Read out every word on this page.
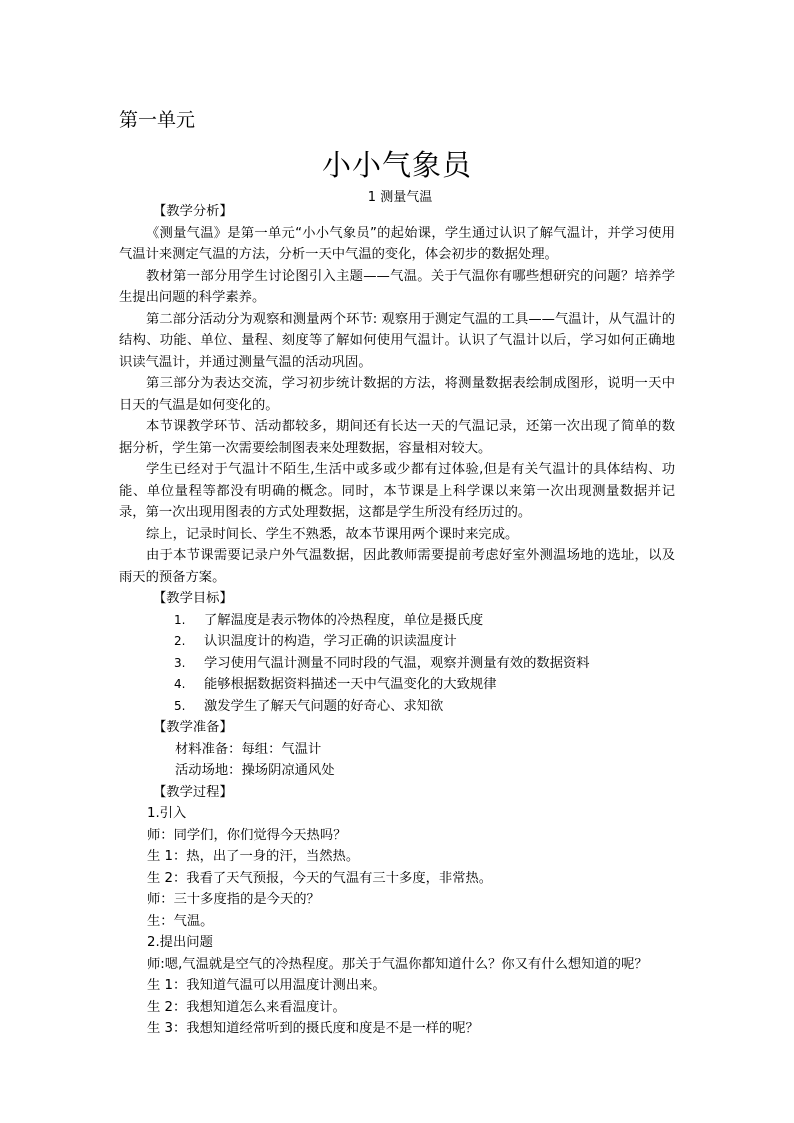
第一单元
小小气象员
1 测量气温

【教学分析】

《测量气温》是第一单元“小小气象员”的起始课，学生通过认识了解气温计，并学习使用气温计来测定气温的方法，分析一天中气温的变化，体会初步的数据处理。

教材第一部分用学生讨论图引入主题——气温。关于气温你有哪些想研究的问题？培养学生提出问题的科学素养。

第二部分活动分为观察和测量两个环节: 观察用于测定气温的工具——气温计，从气温计的结构、功能、单位、量程、刻度等了解如何使用气温计。认识了气温计以后，学习如何正确地识读气温计，并通过测量气温的活动巩固。

第三部分为表达交流，学习初步统计数据的方法，将测量数据表绘制成图形，说明一天中日天的气温是如何变化的。

本节课教学环节、活动都较多，期间还有长达一天的气温记录，还第一次出现了简单的数据分析，学生第一次需要绘制图表来处理数据，容量相对较大。

学生已经对于气温计不陌生,生活中或多或少都有过体验,但是有关气温计的具体结构、功能、单位量程等都没有明确的概念。同时，本节课是上科学课以来第一次出现测量数据并记录，第一次出现用图表的方式处理数据，这都是学生所没有经历过的。

综上，记录时间长、学生不熟悉，故本节课用两个课时来完成。

由于本节课需要记录户外气温数据，因此教师需要提前考虑好室外测温场地的选址，以及雨天的预备方案。

【教学目标】

1.	了解温度是表示物体的冷热程度，单位是摄氏度
2.	认识温度计的构造，学习正确的识读温度计
3.	学习使用气温计测量不同时段的气温，观察并测量有效的数据资料
4.	能够根据数据资料描述一天中气温变化的大致规律
5.	激发学生了解天气问题的好奇心、求知欲

【教学准备】

材料准备：每组：气温计

活动场地：操场阴凉通风处

【教学过程】

1.引入

师：同学们，你们觉得今天热吗？

生 1：热，出了一身的汗，当然热。

生 2：我看了天气预报，今天的气温有三十多度，非常热。

师：三十多度指的是今天的？

生：气温。

2.提出问题

师:嗯,气温就是空气的冷热程度。那关于气温你都知道什么？你又有什么想知道的呢？

生 1：我知道气温可以用温度计测出来。

生 2：我想知道怎么来看温度计。

生 3：我想知道经常听到的摄氏度和度是不是一样的呢？
